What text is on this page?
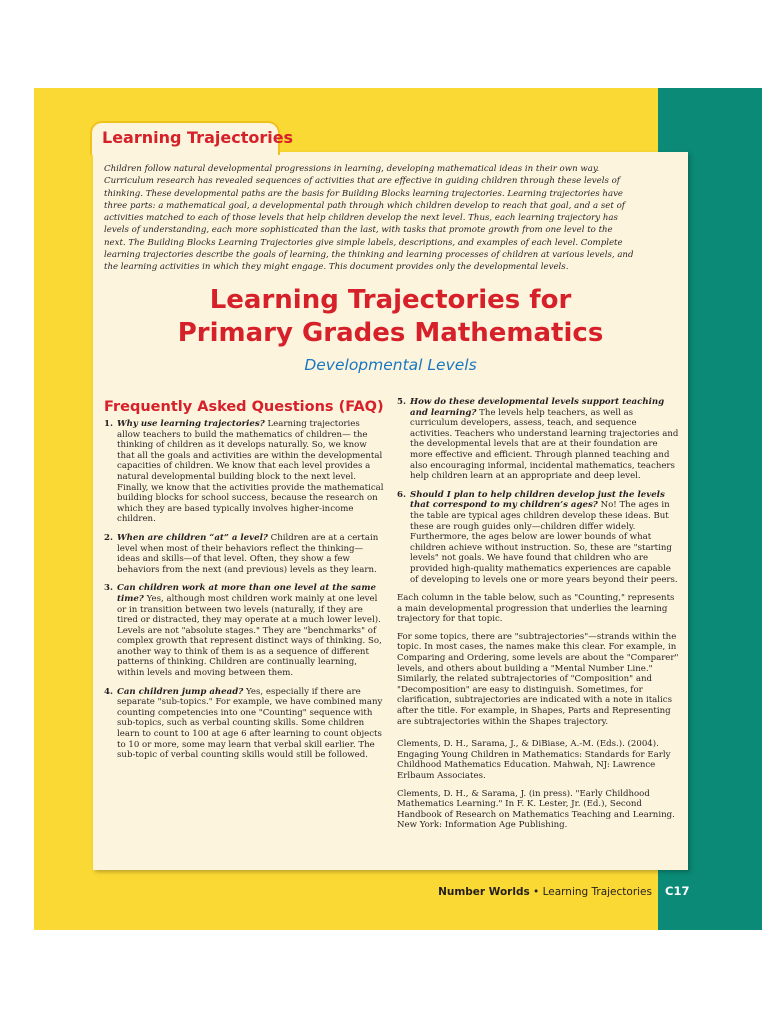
Learning Trajectories
Children follow natural developmental progressions in learning, developing mathematical ideas in their own way. Curriculum research has revealed sequences of activities that are effective in guiding children through these levels of thinking. These developmental paths are the basis for Building Blocks learning trajectories. Learning trajectories have three parts: a mathematical goal, a developmental path through which children develop to reach that goal, and a set of activities matched to each of those levels that help children develop the next level. Thus, each learning trajectory has levels of understanding, each more sophisticated than the last, with tasks that promote growth from one level to the next. The Building Blocks Learning Trajectories give simple labels, descriptions, and examples of each level. Complete learning trajectories describe the goals of learning, the thinking and learning processes of children at various levels, and the learning activities in which they might engage. This document provides only the developmental levels.
Learning Trajectories for
Primary Grades Mathematics
Developmental Levels
Frequently Asked Questions (FAQ)
1. Why use learning trajectories? Learning trajectories allow teachers to build the mathematics of children— the thinking of children as it develops naturally. So, we know that all the goals and activities are within the developmental capacities of children. We know that each level provides a natural developmental building block to the next level. Finally, we know that the activities provide the mathematical building blocks for school success, because the research on which they are based typically involves higher-income children.
2. When are children “at” a level? Children are at a certain level when most of their behaviors reflect the thinking—ideas and skills—of that level. Often, they show a few behaviors from the next (and previous) levels as they learn.
3. Can children work at more than one level at the same time? Yes, although most children work mainly at one level or in transition between two levels (naturally, if they are tired or distracted, they may operate at a much lower level). Levels are not "absolute stages." They are "benchmarks" of complex growth that represent distinct ways of thinking. So, another way to think of them is as a sequence of different patterns of thinking. Children are continually learning, within levels and moving between them.
4. Can children jump ahead? Yes, especially if there are separate "sub-topics." For example, we have combined many counting competencies into one "Counting" sequence with sub-topics, such as verbal counting skills. Some children learn to count to 100 at age 6 after learning to count objects to 10 or more, some may learn that verbal skill earlier. The sub-topic of verbal counting skills would still be followed.
5. How do these developmental levels support teaching and learning? The levels help teachers, as well as curriculum developers, assess, teach, and sequence activities. Teachers who understand learning trajectories and the developmental levels that are at their foundation are more effective and efficient. Through planned teaching and also encouraging informal, incidental mathematics, teachers help children learn at an appropriate and deep level.
6. Should I plan to help children develop just the levels that correspond to my children’s ages? No! The ages in the table are typical ages children develop these ideas. But these are rough guides only—children differ widely. Furthermore, the ages below are lower bounds of what children achieve without instruction. So, these are "starting levels" not goals. We have found that children who are provided high-quality mathematics experiences are capable of developing to levels one or more years beyond their peers.

Each column in the table below, such as "Counting," represents a main developmental progression that underlies the learning trajectory for that topic.

For some topics, there are "subtrajectories"—strands within the topic. In most cases, the names make this clear. For example, in Comparing and Ordering, some levels are about the "Comparer" levels, and others about building a "Mental Number Line." Similarly, the related subtrajectories of "Composition" and "Decomposition" are easy to distinguish. Sometimes, for clarification, subtrajectories are indicated with a note in italics after the title. For example, in Shapes, Parts and Representing are subtrajectories within the Shapes trajectory.

Clements, D. H., Sarama, J., & DiBiase, A.-M. (Eds.). (2004). Engaging Young Children in Mathematics: Standards for Early Childhood Mathematics Education. Mahwah, NJ: Lawrence Erlbaum Associates.

Clements, D. H., & Sarama, J. (in press). "Early Childhood Mathematics Learning." In F. K. Lester, Jr. (Ed.), Second Handbook of Research on Mathematics Teaching and Learning. New York: Information Age Publishing.

Number Worlds • Learning Trajectories C17
